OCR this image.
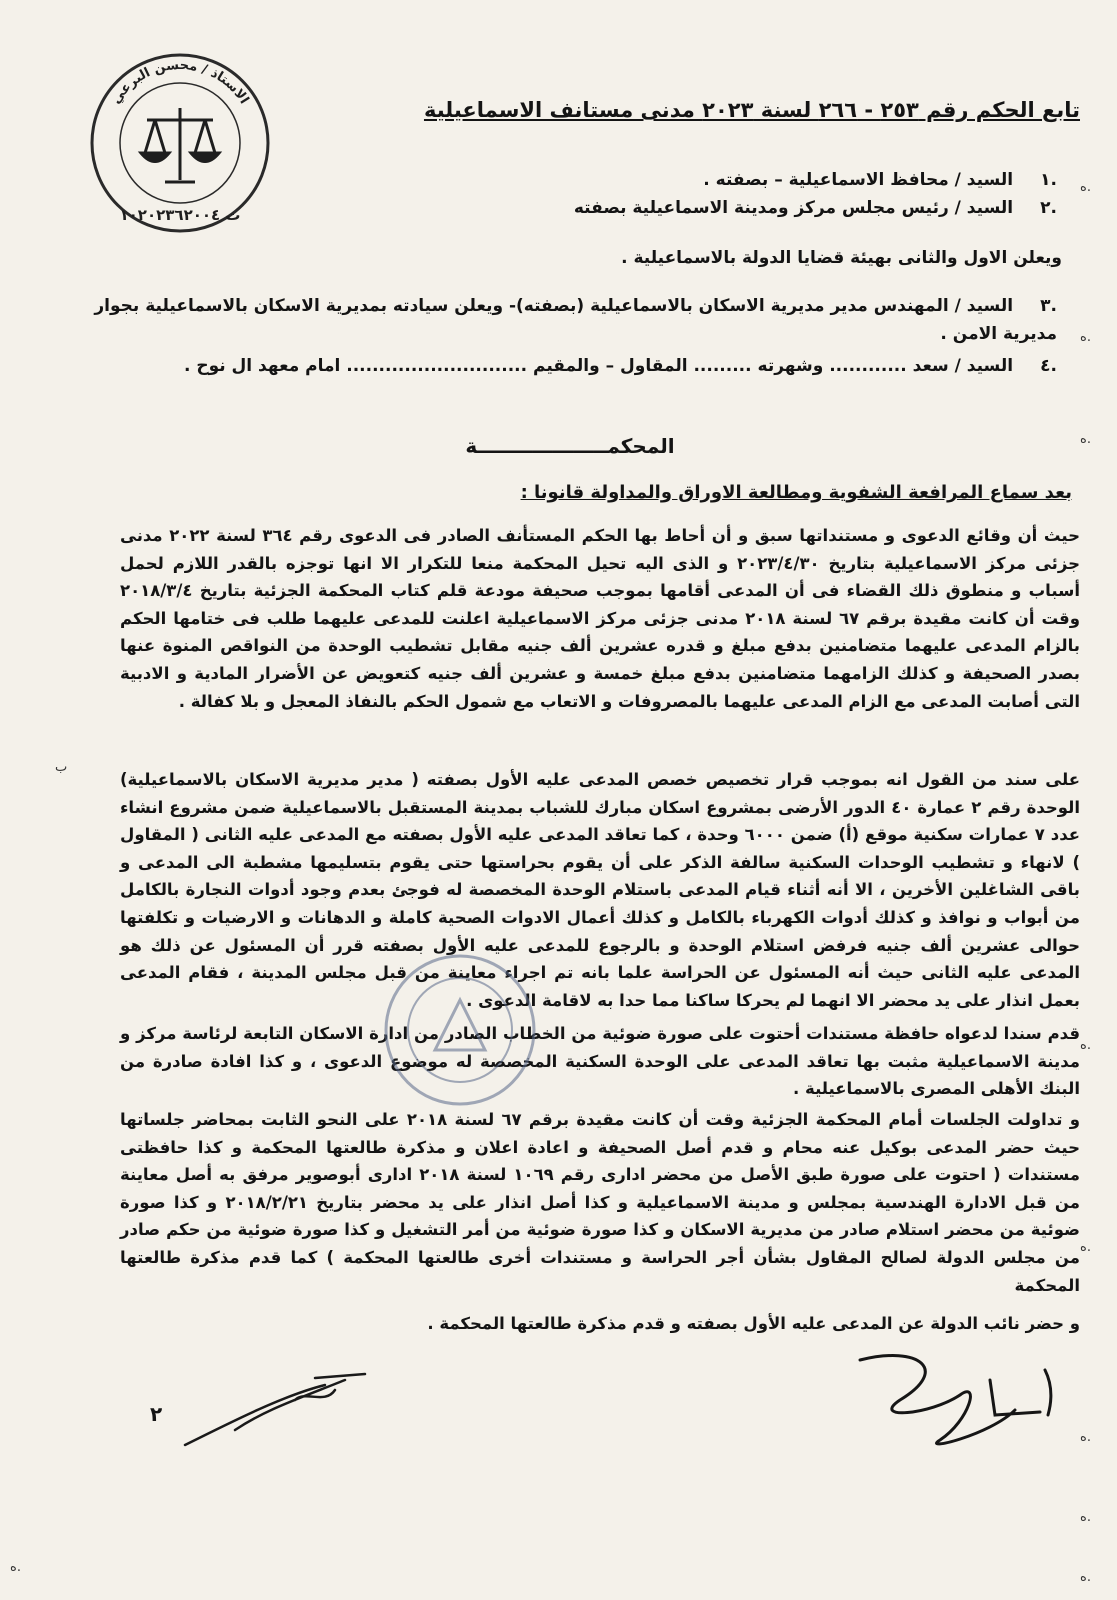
الاستاذ / محسن البرعي
ت ١٠٢٠٢٣٦٢٠٠٤
تابع الحكم رقم ٢٥٣ - ٢٦٦ لسنة ٢٠٢٣ مدنى مستانف الاسماعيلية
.١ السيد / محافظ الاسماعيلية – بصفته .
.٢ السيد / رئيس مجلس مركز ومدينة الاسماعيلية بصفته
ويعلن الاول والثانى بهيئة قضايا الدولة بالاسماعيلية .
.٣ السيد / المهندس مدير مديرية الاسكان بالاسماعيلية (بصفته)- ويعلن سيادته بمديرية الاسكان بالاسماعيلية بجوار مديرية الامن .
.٤ السيد / سعد ............ وشهرته ......... المقاول – والمقيم ............................ امام معهد ال نوح .
المحكمـــــــــــــــــــة
بعد سماع المرافعة الشفوية ومطالعة الاوراق والمداولة قانونا :
حيث أن وقائع الدعوى و مستنداتها سبق و أن أحاط بها الحكم المستأنف الصادر فى الدعوى رقم ٣٦٤ لسنة ٢٠٢٢ مدنى جزئى مركز الاسماعيلية بتاريخ ٢٠٢٣/٤/٣٠ و الذى اليه تحيل المحكمة منعا للتكرار الا انها توجزه بالقدر اللازم لحمل أسباب و منطوق ذلك القضاء فى أن المدعى أقامها بموجب صحيفة مودعة قلم كتاب المحكمة الجزئية بتاريخ ٢٠١٨/٣/٤ وقت أن كانت مقيدة برقم ٦٧ لسنة ٢٠١٨ مدنى جزئى مركز الاسماعيلية اعلنت للمدعى عليهما طلب فى ختامها الحكم بالزام المدعى عليهما متضامنين بدفع مبلغ و قدره عشرين ألف جنيه مقابل تشطيب الوحدة من النواقص المنوة عنها بصدر الصحيفة و كذلك الزامهما متضامنين بدفع مبلغ خمسة و عشرين ألف جنيه كتعويض عن الأضرار المادية و الادبية التى أصابت المدعى مع الزام المدعى عليهما بالمصروفات و الاتعاب مع شمول الحكم بالنفاذ المعجل و بلا كفالة .
على سند من القول انه بموجب قرار تخصيص خصص المدعى عليه الأول بصفته ( مدير مديرية الاسكان بالاسماعيلية) الوحدة رقم ٢ عمارة ٤٠ الدور الأرضى بمشروع اسكان مبارك للشباب بمدينة المستقبل بالاسماعيلية ضمن مشروع انشاء عدد ٧ عمارات سكنية موقع (أ) ضمن ٦٠٠٠ وحدة ، كما تعاقد المدعى عليه الأول بصفته مع المدعى عليه الثانى ( المقاول ) لانهاء و تشطيب الوحدات السكنية سالفة الذكر على أن يقوم بحراستها حتى يقوم بتسليمها مشطبة الى المدعى و باقى الشاغلين الأخرين ، الا أنه أثناء قيام المدعى باستلام الوحدة المخصصة له فوجئ بعدم وجود أدوات النجارة بالكامل من أبواب و نوافذ و كذلك أدوات الكهرباء بالكامل و كذلك أعمال الادوات الصحية كاملة و الدهانات و الارضيات و تكلفتها حوالى عشرين ألف جنيه فرفض استلام الوحدة و بالرجوع للمدعى عليه الأول بصفته قرر أن المسئول عن ذلك هو المدعى عليه الثانى حيث أنه المسئول عن الحراسة علما بانه تم اجراء معاينة من قبل مجلس المدينة ، فقام المدعى بعمل انذار على يد محضر الا انهما لم يحركا ساكنا مما حدا به لاقامة الدعوى .
قدم سندا لدعواه حافظة مستندات أحتوت على صورة ضوئية من الخطاب الصادر من ادارة الاسكان التابعة لرئاسة مركز و مدينة الاسماعيلية مثبت بها تعاقد المدعى على الوحدة السكنية المخصصة له موضوع الدعوى ، و كذا افادة صادرة من البنك الأهلى المصرى بالاسماعيلية .
و تداولت الجلسات أمام المحكمة الجزئية وقت أن كانت مقيدة برقم ٦٧ لسنة ٢٠١٨ على النحو الثابت بمحاضر جلساتها حيث حضر المدعى بوكيل عنه محام و قدم أصل الصحيفة و اعادة اعلان و مذكرة طالعتها المحكمة و كذا حافظتى مستندات ( احتوت على صورة طبق الأصل من محضر ادارى رقم ١٠٦٩ لسنة ٢٠١٨ ادارى أبوصوير مرفق به أصل معاينة من قبل الادارة الهندسية بمجلس و مدينة الاسماعيلية و كذا أصل انذار على يد محضر بتاريخ ٢٠١٨/٢/٢١ و كذا صورة ضوئية من محضر استلام صادر من مديرية الاسكان و كذا صورة ضوئية من أمر التشغيل و كذا صورة ضوئية من حكم صادر من مجلس الدولة لصالح المقاول بشأن أجر الحراسة و مستندات أخرى طالعتها المحكمة ) كما قدم مذكرة طالعتها المحكمة
و حضر نائب الدولة عن المدعى عليه الأول بصفته و قدم مذكرة طالعتها المحكمة .
٢
ه.
ه.
ه.
ب
ه.
ه.
ه.
ه.
ه.
ه.
